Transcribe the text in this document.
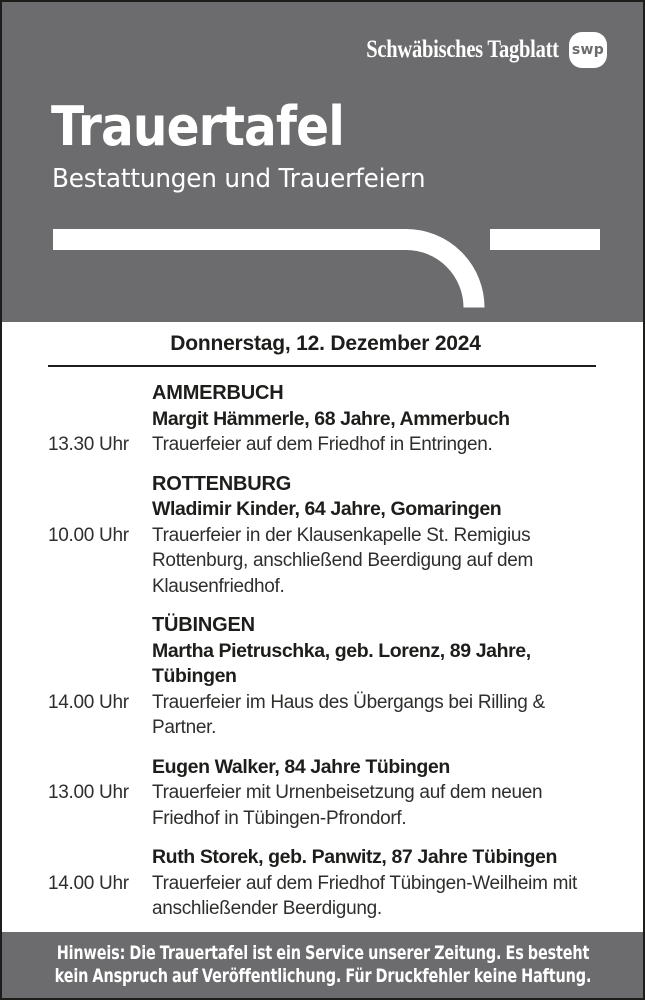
Schwäbisches Tagblatt swp
Trauertafel
Bestattungen und Trauerfeiern
Donnerstag, 12. Dezember 2024
AMMERBUCH
Margit Hämmerle, 68 Jahre, Ammerbuch
13.30 Uhr	Trauerfeier auf dem Friedhof in Entringen.
ROTTENBURG
Wladimir Kinder, 64 Jahre, Gomaringen
10.00 Uhr	Trauerfeier in der Klausenkapelle St. Remigius Rottenburg, anschließend Beerdigung auf dem Klausenfriedhof.
TÜBINGEN
Martha Pietruschka, geb. Lorenz, 89 Jahre, Tübingen
14.00 Uhr	Trauerfeier im Haus des Übergangs bei Rilling & Partner.
Eugen Walker, 84 Jahre Tübingen
13.00 Uhr	Trauerfeier mit Urnenbeisetzung auf dem neuen Friedhof in Tübingen-Pfrondorf.
Ruth Storek, geb. Panwitz, 87 Jahre Tübingen
14.00 Uhr	Trauerfeier auf dem Friedhof Tübingen-Weilheim mit anschließender Beerdigung.
Hinweis: Die Trauertafel ist ein Service unserer Zeitung. Es besteht kein Anspruch auf Veröffentlichung. Für Druckfehler keine Haftung.
